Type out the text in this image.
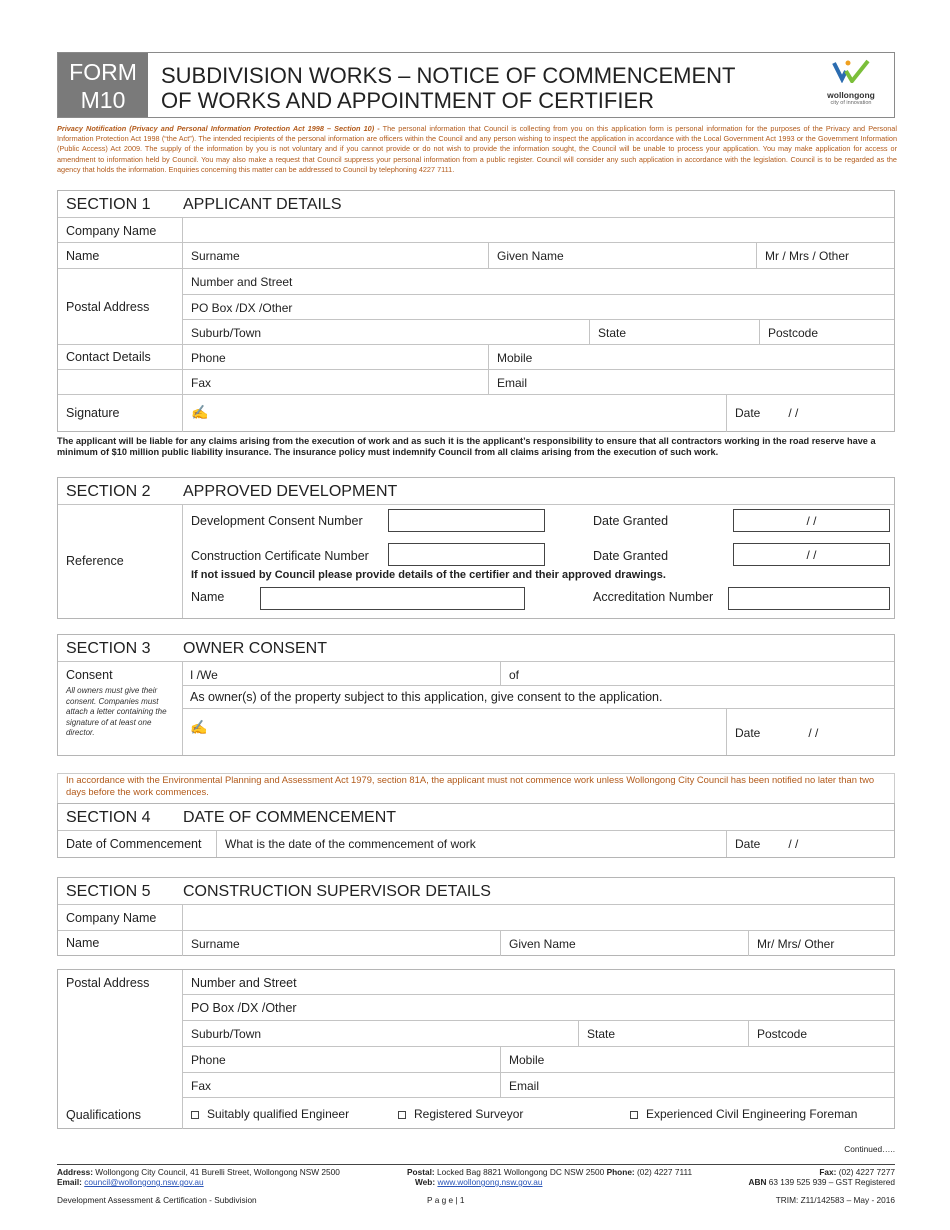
FORM
M10
SUBDIVISION WORKS – NOTICE OF COMMENCEMENT
OF WORKS AND APPOINTMENT OF CERTIFIER	wollongong
city of innovation
Privacy Notification (Privacy and Personal Information Protection Act 1998 – Section 10) - The personal information that Council is collecting from you on this application form is personal information for the purposes of the Privacy and Personal Information Protection Act 1998 (“the Act”). The intended recipients of the personal information are officers within the Council and any person wishing to inspect the application in accordance with the Local Government Act 1993 or the Government Information (Public Access) Act 2009. The supply of the information by you is not voluntary and if you cannot provide or do not wish to provide the information sought, the Council will be unable to process your application. You may make application for access or amendment to information held by Council. You may also make a request that Council suppress your personal information from a public register. Council will consider any such application in accordance with the legislation. Council is to be regarded as the agency that holds the information. Enquiries concerning this matter can be addressed to Council by telephoning 4227 7111.
SECTION 1 APPLICANT DETAILS
Company Name
Name	Surname	Given Name	Mr / Mrs / Other
Postal Address
Number and Street
PO Box /DX /Other
Suburb/Town	State	Postcode
Contact Details	Phone	Mobile
Fax	Email
Signature	✍	Date / /
The applicant will be liable for any claims arising from the execution of work and as such it is the applicant’s responsibility to ensure that all contractors working in the road reserve have a minimum of $10 million public liability insurance. The insurance policy must indemnify Council from all claims arising from the execution of such work.
SECTION 2 APPROVED DEVELOPMENT
Reference
Development Consent Number	Date Granted	/ /
Construction Certificate Number	Date Granted	/ /
If not issued by Council please provide details of the certifier and their approved drawings.
Name	Accreditation Number
SECTION 3 OWNER CONSENT
Consent
All owners must give their consent. Companies must attach a letter containing the signature of at least one director.
I /We	of
As owner(s) of the property subject to this application, give consent to the application.
✍	Date	/ /
In accordance with the Environmental Planning and Assessment Act 1979, section 81A, the applicant must not commence work unless Wollongong City Council has been notified no later than two days before the work commences.
SECTION 4 DATE OF COMMENCEMENT
Date of Commencement	What is the date of the commencement of work	Date / /
SECTION 5 CONSTRUCTION SUPERVISOR DETAILS
Company Name
Name	Surname	Given Name	Mr/ Mrs/ Other
Postal Address	Number and Street
PO Box /DX /Other
Suburb/Town	State	Postcode
Phone	Mobile
Fax	Email
Qualifications	Suitably qualified Engineer	Registered Surveyor	Experienced Civil Engineering Foreman
Continued…..
Address: Wollongong City Council, 41 Burelli Street, Wollongong NSW 2500
Email: council@wollongong.nsw.gov.au
Postal: Locked Bag 8821 Wollongong DC NSW 2500 Phone: (02) 4227 7111
Web: www.wollongong.nsw.gov.au
Fax: (02) 4227 7277
ABN 63 139 525 939 – GST Registered
Development Assessment & Certification - Subdivision	P a g e | 1	TRIM: Z11/142583 – May - 2016
